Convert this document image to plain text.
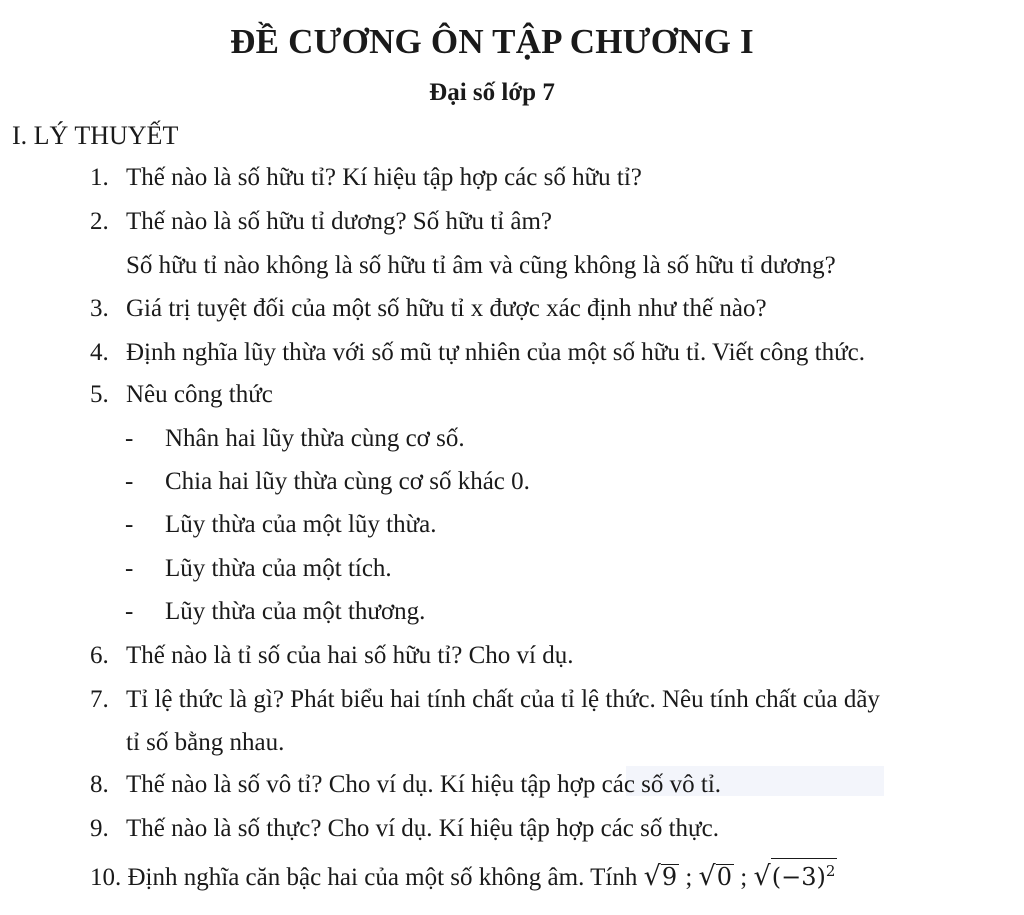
ĐỀ CƯƠNG ÔN TẬP CHƯƠNG I
Đại số lớp 7
I. LÝ THUYẾT
1. Thế nào là số hữu tỉ? Kí hiệu tập hợp các số hữu tỉ?
2. Thế nào là số hữu tỉ dương? Số hữu tỉ âm?
Số hữu tỉ nào không là số hữu tỉ âm và cũng không là số hữu tỉ dương?
3. Giá trị tuyệt đối của một số hữu tỉ x được xác định như thế nào?
4. Định nghĩa lũy thừa với số mũ tự nhiên của một số hữu tỉ. Viết công thức.
5. Nêu công thức
- Nhân hai lũy thừa cùng cơ số.
- Chia hai lũy thừa cùng cơ số khác 0.
- Lũy thừa của một lũy thừa.
- Lũy thừa của một tích.
- Lũy thừa của một thương.
6. Thế nào là tỉ số của hai số hữu tỉ? Cho ví dụ.
7. Tỉ lệ thức là gì? Phát biểu hai tính chất của tỉ lệ thức. Nêu tính chất của dãy
tỉ số bằng nhau.
8. Thế nào là số vô tỉ? Cho ví dụ. Kí hiệu tập hợp các số vô tỉ.
9. Thế nào là số thực? Cho ví dụ. Kí hiệu tập hợp các số thực.
10. Định nghĩa căn bậc hai của một số không âm. Tính √9 ; √0 ; $√(-3)^2$
